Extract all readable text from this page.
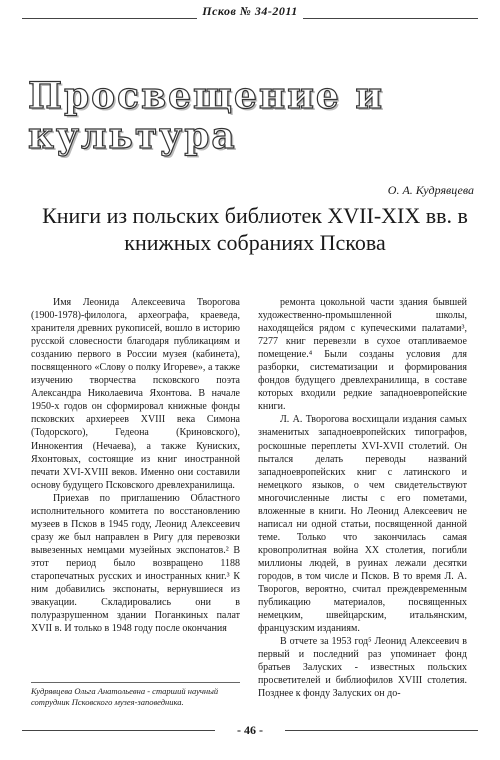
Псков № 34-2011
Просвещение и культура
О. А. Кудрявцева
Книги из польских библиотек XVII-XIX вв. в книжных собраниях Пскова

Имя Леонида Алексеевича Творогова (1900-1978)-филолога, археографа, краеведа, хранителя древних рукописей, вошло в историю русской словесности благодаря публикациям и созданию первого в России музея (кабинета), посвященного «Слову о полку Игореве», а также изучению творчества псковского поэта Александра Николаевича Яхонтова. В начале 1950-х годов он сформировал книжные фонды псковских архиереев XVIII века Симона (Тодорского), Гедеона (Криновского), Иннокентия (Нечаева), а также Куниских, Яхонтовых, состоящие из книг иностранной печати XVI-XVIII веков. Именно они составили основу будущего Псковского древлехранилища.

Приехав по приглашению Областного исполнительного комитета по восстановлению музеев в Псков в 1945 году, Леонид Алексеевич сразу же был направлен в Ригу для перевозки вывезенных немцами музейных экспонатов.² В этот период было возвращено 1188 старопечатных русских и иностранных книг.³ К ним добавились экспонаты, вернувшиеся из эвакуации. Складировались они в полуразрушенном здании Поганкиных палат XVII в. И только в 1948 году после окончания

ремонта цокольной части здания бывшей художественно-промышленной школы, находящейся рядом с купеческими палатами³, 7277 книг перевезли в сухое отапливаемое помещение.⁴ Были созданы условия для разборки, систематизации и формирования фондов будущего древлехранилища, в составе которых входили редкие западноевропейские книги.

Л. А. Творогова восхищали издания самых знаменитых западноевропейских типографов, роскошные переплеты XVI-XVII столетий. Он пытался делать переводы названий западноевропейских книг с латинского и немецкого языков, о чем свидетельствуют многочисленные листы с его пометами, вложенные в книги. Но Леонид Алексеевич не написал ни одной статьи, посвященной данной теме. Только что закончилась самая кровопролитная война XX столетия, погибли миллионы людей, в руинах лежали десятки городов, в том числе и Псков. В то время Л. А. Творогов, вероятно, считал преждевременным публикацию материалов, посвященных немецким, швейцарским, итальянским, французским изданиям.

В отчете за 1953 год⁵ Леонид Алексеевич в первый и последний раз упоминает фонд братьев Залуских - известных польских просветителей и библиофилов XVIII столетия. Позднее к фонду Залуских он до-

Кудрявцева Ольга Анатольевна - старший научный сотрудник Псковского музея-заповедника.
- 46 -
